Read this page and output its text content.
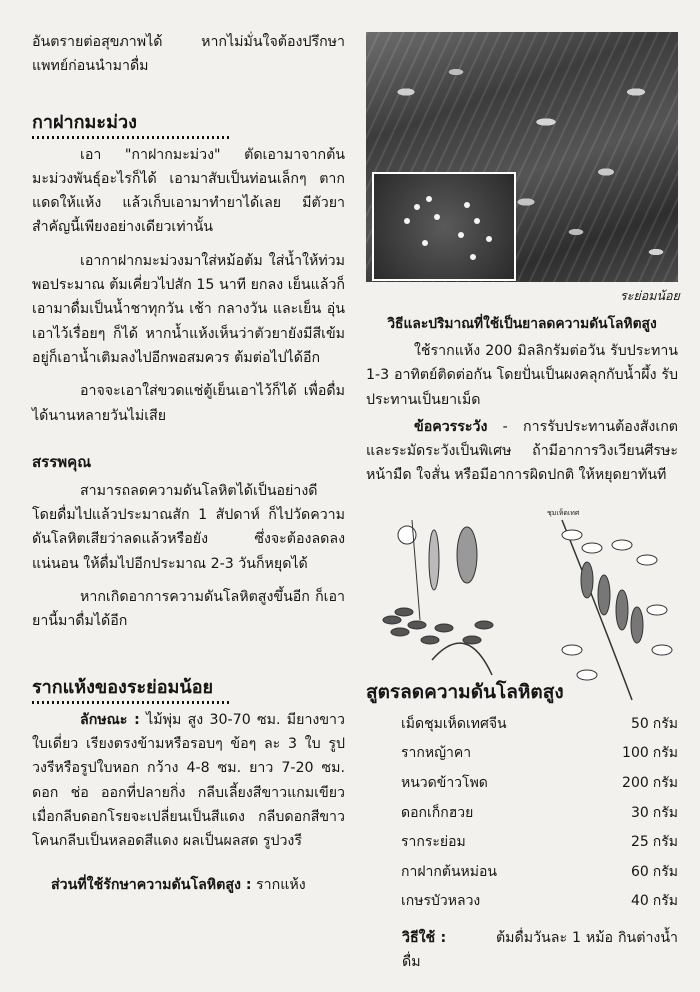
อันตรายต่อสุขภาพได้ หากไม่มั่นใจต้องปรึกษาแพทย์ก่อนนำมาดื่ม

กาฝากมะม่วง

เอา "กาฝากมะม่วง" ตัดเอามาจากต้นมะม่วงพันธุ์อะไรก็ได้ เอามาสับเป็นท่อนเล็กๆ ตากแดดให้แห้ง แล้วเก็บเอามาทำยาได้เลย มีตัวยาสำคัญนี้เพียงอย่างเดียวเท่านั้น

เอากาฝากมะม่วงมาใส่หม้อต้ม ใส่น้ำให้ท่วมพอประมาณ ต้มเคี่ยวไปสัก 15 นาที ยกลง เย็นแล้วก็เอามาดื่มเป็นน้ำชาทุกวัน เช้า กลางวัน และเย็น อุ่นเอาไว้เรื่อยๆ ก็ได้ หากน้ำแห้งเห็นว่าตัวยายังมีสีเข้มอยู่ก็เอาน้ำเติมลงไปอีกพอสมควร ต้มต่อไปได้อีก

อาจจะเอาใส่ขวดแช่ตู้เย็นเอาไว้ก็ได้ เพื่อดื่มได้นานหลายวันไม่เสีย

สรรพคุณ

สามารถลดความดันโลหิตได้เป็นอย่างดี โดยดื่มไปแล้วประมาณสัก 1 สัปดาห์ ก็ไปวัดความดันโลหิตเสียว่าลดแล้วหรือยัง ซึ่งจะต้องลดลงแน่นอน ให้ดื่มไปอีกประมาณ 2-3 วันก็หยุดได้

หากเกิดอาการความดันโลหิตสูงขึ้นอีก ก็เอายานี้มาดื่มได้อีก

รากแห้งของระย่อมน้อย

ลักษณะ : ไม้พุ่ม สูง 30-70 ซม. มียางขาว ใบเดี่ยว เรียงตรงข้ามหรือรอบๆ ข้อๆ ละ 3 ใบ รูปวงรีหรือรูปใบหอก กว้าง 4-8 ซม. ยาว 7-20 ซม. ดอก ช่อ ออกที่ปลายกิ่ง กลีบเลี้ยงสีขาวแกมเขียว เมื่อกลีบดอกโรยจะเปลี่ยนเป็นสีแดง กลีบดอกสีขาว โคนกลีบเป็นหลอดสีแดง ผลเป็นผลสด รูปวงรี

ส่วนที่ใช้รักษาความดันโลหิตสูง : รากแห้ง

ระย่อมน้อย
วิธีและปริมาณที่ใช้เป็นยาลดความดันโลหิตสูง

ใช้รากแห้ง 200 มิลลิกรัมต่อวัน รับประทาน 1-3 อาทิตย์ติดต่อกัน โดยปั่นเป็นผงคลุกกับน้ำผึ้ง รับประทานเป็นยาเม็ด

ข้อควรระวัง - การรับประทานต้องสังเกตและระมัดระวังเป็นพิเศษ ถ้ามีอาการวิงเวียนศีรษะ หน้ามืด ใจสั่น หรือมีอาการผิดปกติ ให้หยุดยาทันที

ชุมเห็ดเทศ
สูตรลดความดันโลหิตสูง
เม็ดชุมเห็ดเทศจีน	50	กรัม
รากหญ้าคา	100	กรัม
หนวดข้าวโพด	200	กรัม
ดอกเก็กฮวย	30	กรัม
รากระย่อม	25	กรัม
กาฝากต้นหม่อน	60	กรัม
เกษรบัวหลวง	40	กรัม

วิธีใช้ :	ต้มดื่มวันละ 1 หม้อ กินต่างน้ำดื่ม
